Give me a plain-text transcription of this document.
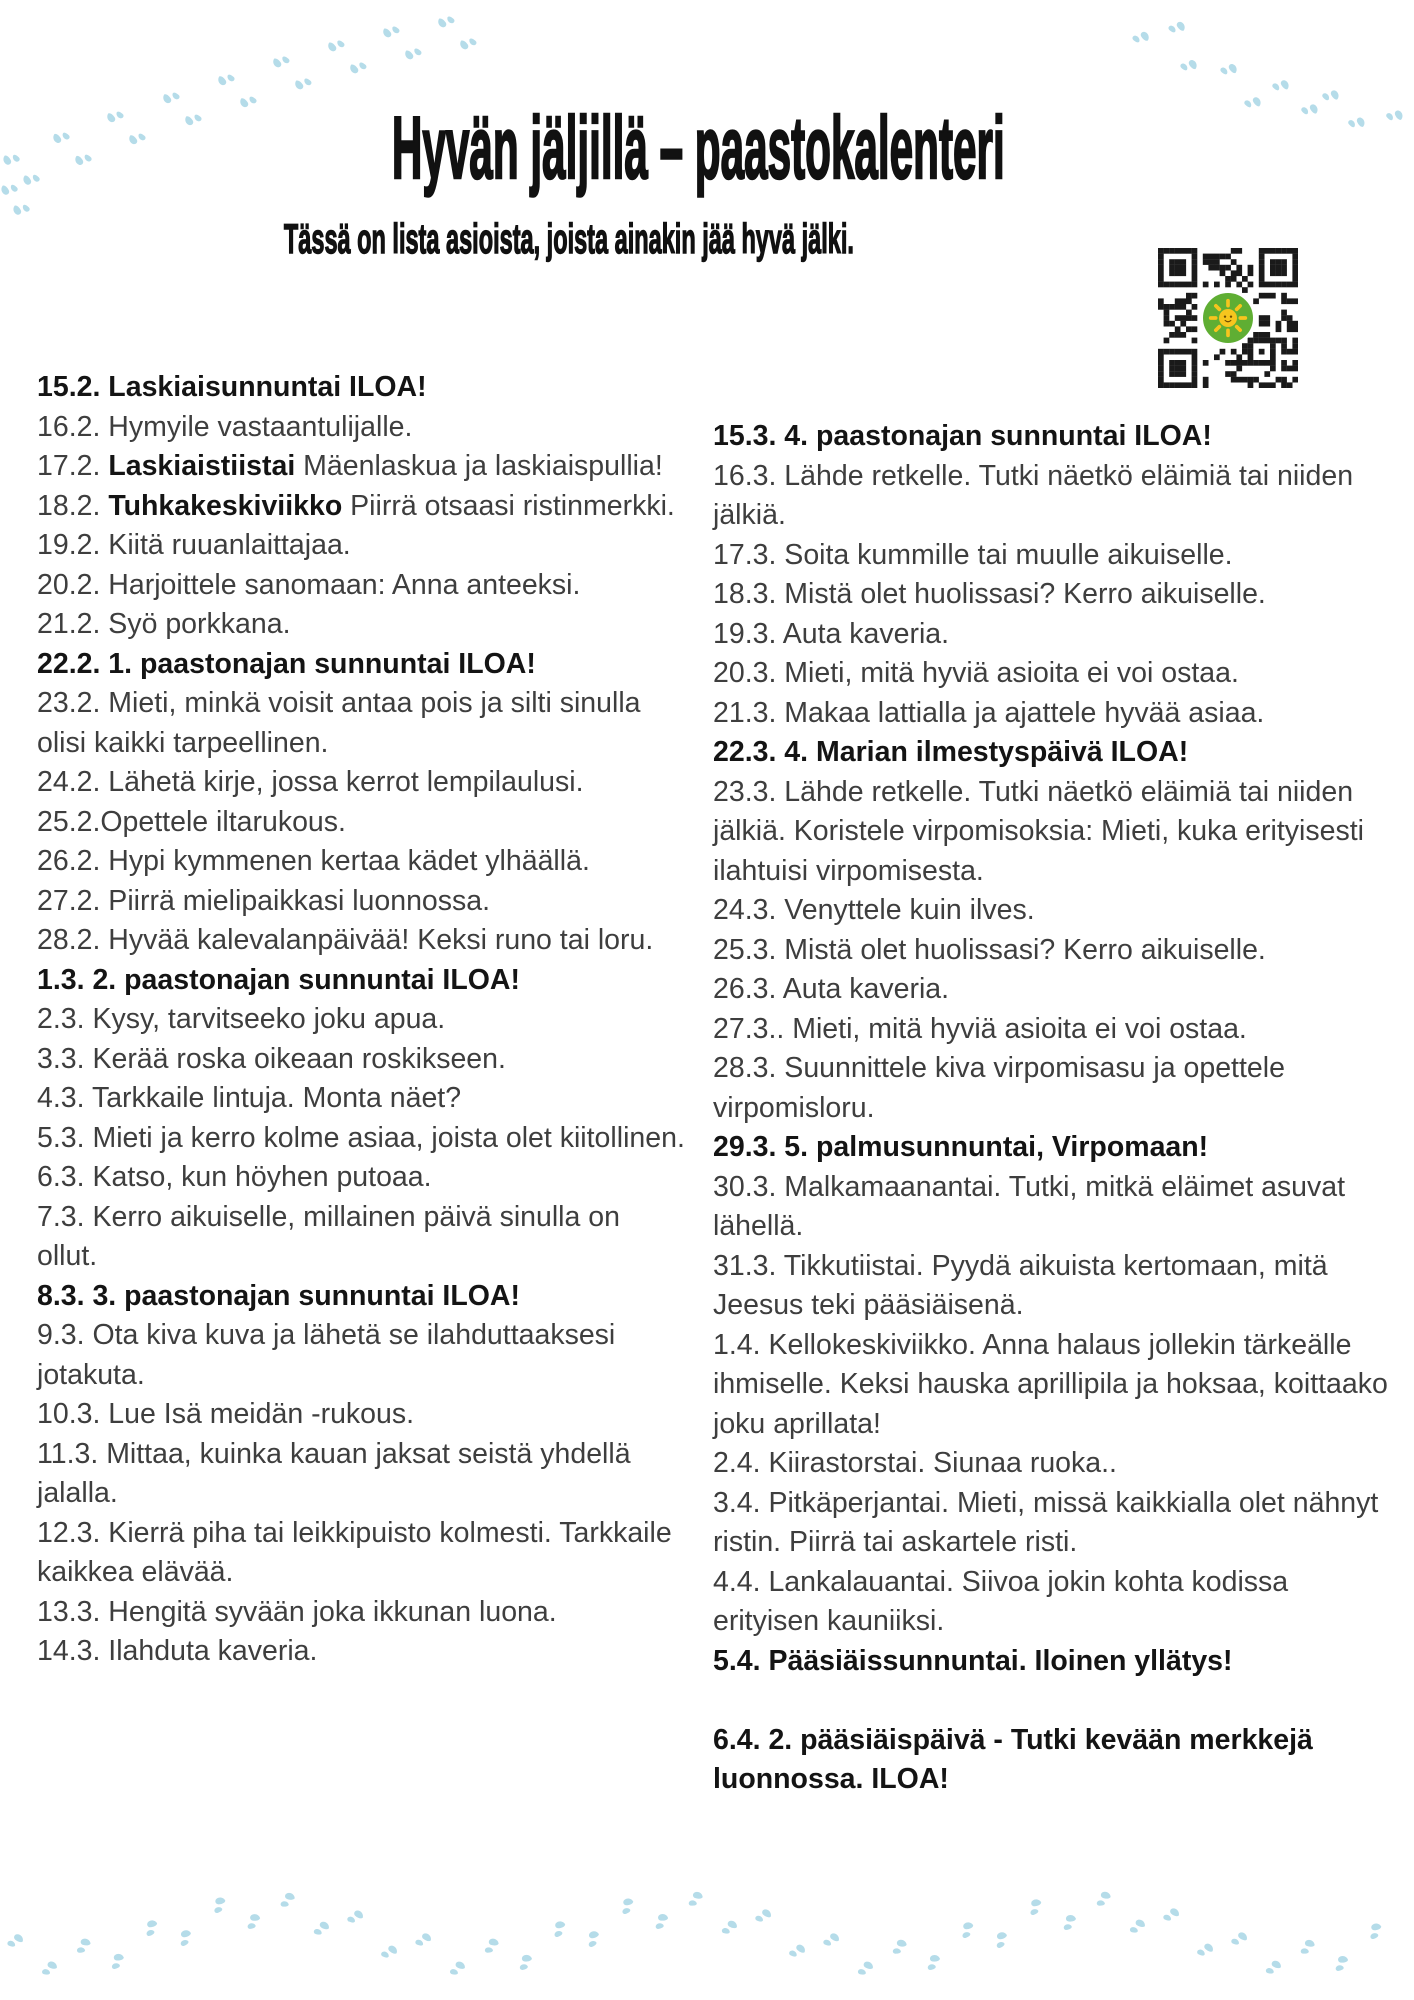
Hyvän jäljillä – paastokalenteri
Tässä on lista asioista, joista ainakin jää hyvä jälki.
15.2. Laskiaisunnuntai ILOA!
16.2. Hymyile vastaantulijalle.
17.2. Laskiaistiistai Mäenlaskua ja laskiaispullia!
18.2. Tuhkakeskiviikko Piirrä otsaasi ristinmerkki.
19.2. Kiitä ruuanlaittajaa.
20.2. Harjoittele sanomaan: Anna anteeksi.
21.2. Syö porkkana.
22.2. 1. paastonajan sunnuntai ILOA!
23.2. Mieti, minkä voisit antaa pois ja silti sinulla olisi kaikki tarpeellinen.
24.2. Lähetä kirje, jossa kerrot lempilaulusi.
25.2.Opettele iltarukous.
26.2. Hypi kymmenen kertaa kädet ylhäällä.
27.2. Piirrä mielipaikkasi luonnossa.
28.2. Hyvää kalevalanpäivää! Keksi runo tai loru.
1.3. 2. paastonajan sunnuntai ILOA!
2.3. Kysy, tarvitseeko joku apua.
3.3. Kerää roska oikeaan roskikseen.
4.3. Tarkkaile lintuja. Monta näet?
5.3. Mieti ja kerro kolme asiaa, joista olet kiitollinen.
6.3. Katso, kun höyhen putoaa.
7.3. Kerro aikuiselle, millainen päivä sinulla on ollut.
8.3. 3. paastonajan sunnuntai ILOA!
9.3. Ota kiva kuva ja lähetä se ilahduttaaksesi jotakuta.
10.3. Lue Isä meidän -rukous.
11.3. Mittaa, kuinka kauan jaksat seistä yhdellä jalalla.
12.3. Kierrä piha tai leikkipuisto kolmesti. Tarkkaile kaikkea elävää.
13.3. Hengitä syvään joka ikkunan luona.
14.3. Ilahduta kaveria.
15.3. 4. paastonajan sunnuntai ILOA!
16.3. Lähde retkelle. Tutki näetkö eläimiä tai niiden jälkiä.
17.3. Soita kummille tai muulle aikuiselle.
18.3. Mistä olet huolissasi? Kerro aikuiselle.
19.3. Auta kaveria.
20.3. Mieti, mitä hyviä asioita ei voi ostaa.
21.3. Makaa lattialla ja ajattele hyvää asiaa.
22.3. 4. Marian ilmestyspäivä ILOA!
23.3. Lähde retkelle. Tutki näetkö eläimiä tai niiden jälkiä. Koristele virpomisoksia: Mieti, kuka erityisesti ilahtuisi virpomisesta.
24.3. Venyttele kuin ilves.
25.3. Mistä olet huolissasi? Kerro aikuiselle.
26.3. Auta kaveria.
27.3.. Mieti, mitä hyviä asioita ei voi ostaa.
28.3. Suunnittele kiva virpomisasu ja opettele virpomisloru.
29.3. 5. palmusunnuntai, Virpomaan!
30.3. Malkamaanantai. Tutki, mitkä eläimet asuvat lähellä.
31.3. Tikkutiistai. Pyydä aikuista kertomaan, mitä Jeesus teki pääsiäisenä.
1.4. Kellokeskiviikko. Anna halaus jollekin tärkeälle ihmiselle. Keksi hauska aprillipila ja hoksaa, koittaako joku aprillata!
2.4. Kiirastorstai. Siunaa ruoka..
3.4. Pitkäperjantai. Mieti, missä kaikkialla olet nähnyt ristin. Piirrä tai askartele risti.
4.4. Lankalauantai. Siivoa jokin kohta kodissa erityisen kauniiksi.
5.4. Pääsiäissunnuntai. Iloinen yllätys!
6.4. 2. pääsiäispäivä - Tutki kevään merkkejä luonnossa. ILOA!
